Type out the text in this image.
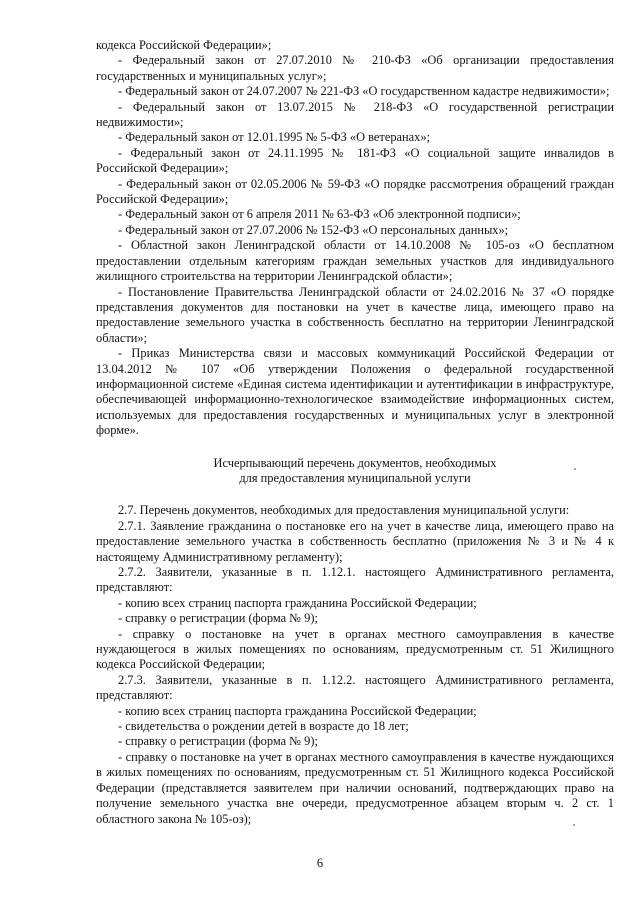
кодекса Российской Федерации»;

- Федеральный закон от 27.07.2010 № 210-ФЗ «Об организации предоставления государственных и муниципальных услуг»;

- Федеральный закон от 24.07.2007 № 221-ФЗ «О государственном кадастре недвижимости»;

- Федеральный закон от 13.07.2015 № 218-ФЗ «О государственной регистрации недвижимости»;

- Федеральный закон от 12.01.1995 № 5-ФЗ «О ветеранах»;

- Федеральный закон от 24.11.1995 № 181-ФЗ «О социальной защите инвалидов в Российской Федерации»;

- Федеральный закон от 02.05.2006 № 59-ФЗ «О порядке рассмотрения обращений граждан Российской Федерации»;

- Федеральный закон от 6 апреля 2011 № 63-ФЗ «Об электронной подписи»;

- Федеральный закон от 27.07.2006 № 152-ФЗ «О персональных данных»;

- Областной закон Ленинградской области от 14.10.2008 № 105-оз «О бесплатном предоставлении отдельным категориям граждан земельных участков для индивидуального жилищного строительства на территории Ленинградской области»;

- Постановление Правительства Ленинградской области от 24.02.2016 № 37 «О порядке представления документов для постановки на учет в качестве лица, имеющего право на предоставление земельного участка в собственность бесплатно на территории Ленинградской области»;

- Приказ Министерства связи и массовых коммуникаций Российской Федерации от 13.04.2012 № 107 «Об утверждении Положения о федеральной государственной информационной системе «Единая система идентификации и аутентификации в инфраструктуре, обеспечивающей информационно-технологическое взаимодействие информационных систем, используемых для предоставления государственных и муниципальных услуг в электронной форме».

Исчерпывающий перечень документов, необходимых
для предоставления муниципальной услуги

2.7. Перечень документов, необходимых для предоставления муниципальной услуги:

2.7.1. Заявление гражданина о постановке его на учет в качестве лица, имеющего право на предоставление земельного участка в собственность бесплатно (приложения № 3 и № 4 к настоящему Административному регламенту);

2.7.2. Заявители, указанные в п. 1.12.1. настоящего Административного регламента, представляют:

- копию всех страниц паспорта гражданина Российской Федерации;

- справку о регистрации (форма № 9);

- справку о постановке на учет в органах местного самоуправления в качестве нуждающегося в жилых помещениях по основаниям, предусмотренным ст. 51 Жилищного кодекса Российской Федерации;

2.7.3. Заявители, указанные в п. 1.12.2. настоящего Административного регламента, представляют:

- копию всех страниц паспорта гражданина Российской Федерации;

- свидетельства о рождении детей в возрасте до 18 лет;

- справку о регистрации (форма № 9);

- справку о постановке на учет в органах местного самоуправления в качестве нуждающихся в жилых помещениях по основаниям, предусмотренным ст. 51 Жилищного кодекса Российской Федерации (представляется заявителем при наличии оснований, подтверждающих право на получение земельного участка вне очереди, предусмотренное абзацем вторым ч. 2 ст. 1 областного закона № 105-оз);

6
